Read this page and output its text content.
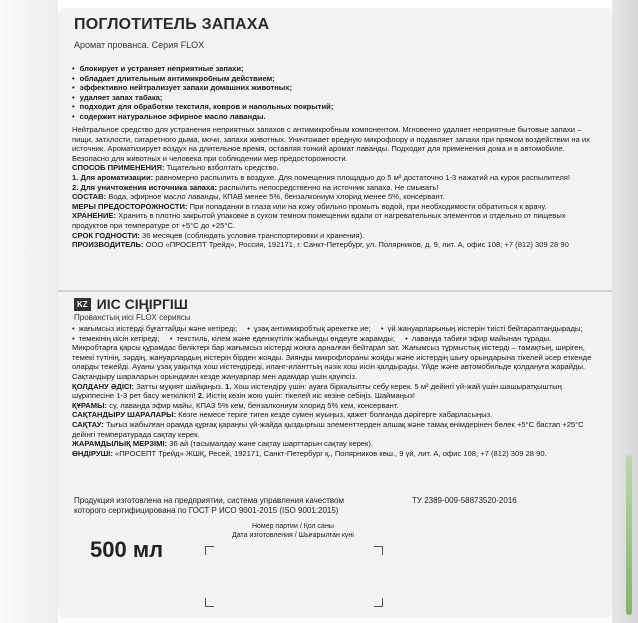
ПОГЛОТИТЕЛЬ ЗАПАХА
Аромат прованса. Серия FLOX
• блокирует и устраняет неприятные запахи;
• обладает длительным антимикробным действием;
• эффективно нейтрализует запахи домашних животных;
• удаляет запах табака;
• подходит для обработки текстиля, ковров и напольных покрытий;
• содержит натуральное эфирное масло лаванды.
Нейтральное средство для устранения неприятных запахов с антимикробным компонентом. Мгновенно удаляет неприятные бытовые запахи – пищи, затхлости, сигаретного дыма, мочи, запахи животных. Уничтожает вредную микрофлору и подавляет запахи при прямом воздействии на их источник. Ароматизирует воздух на длительное время, оставляя тонкий аромат лаванды. Подходит для применения дома и в автомобиле. Безопасно для животных и человека при соблюдении мер предосторожности.
СПОСОБ ПРИМЕНЕНИЯ: Тщательно взболтать средство.
1. Для ароматизации: равномерно распылить в воздухе. Для помещения площадью до 5 м² достаточно 1-3 нажатий на курок распылителя!
2. Для уничтожения источника запаха: распылить непосредственно на источник запаха. Не смывать!
СОСТАВ: Вода, эфирное масло лаванды, КПАВ менее 5%, бензалкониум хлорид менее 5%, консервант.
МЕРЫ ПРЕДОСТОРОЖНОСТИ: При попадании в глаза или на кожу обильно промыть водой, при необходимости обратиться к врачу.
ХРАНЕНИЕ: Хранить в плотно закрытой упаковке в сухом темном помещении вдали от нагревательных элементов и отдельно от пищевых продуктов при температуре от +5°С до +25°С.
СРОК ГОДНОСТИ: 36 месяцев (соблюдать условия транспортировки и хранения).
ПРОИЗВОДИТЕЛЬ: ООО «ПРОСЕПТ Трейд», Россия, 192171, г. Санкт-Петербург, ул. Полярников, д. 9, лит. А, офис 108; +7 (812) 309 28 90
KZ ИІС СІҢІРГІШ
Прованстың иісі FLOX сериясы
• жағымсыз иістерді бұғаттайды және кетіреді; • ұзақ антимикробтық әрекетке ие; • үй жануарларының иістерін тиісті бейтараптандырады; • темекінің иісін кетіреді; • текстиль, кілем және еденжүтілік жабынды өңдеуге жарамды; • лаванда табиғи эфир майынан тұрады.
Микробтарға қарсы құрамдас бөліктері бар жағымсыз иістерді жоюға арналған бейтарап зат. Жағымсыз тұрмыстық иістерді – тамақтың, ширіген, темекі түтінің, зәрдің, жануарлардың иістерін бірден жояды. Зиянды микрофлораны жояды және иістердің шығу орындарына тікелей әсер еткенде оларды тежейді. Ауаны ұзақ уақытқа хош иістендіреді, иланг-иланттың нәзік хош иісін қалдырады. Үйде және автомобильде қолдануға жарайды. Сақтандыру шараларын орындаған кезде жануарлар мен адамдар үшін қауіпсіз.
ҚОЛДАНУ ӘДІСІ: Затты мұқият шайқаңыз. 1. Хош иістендіру үшін: ауаға біркалыпты себу керек. 5 м² дейінгі үй-жай үшін шашыратқыштың шүріппесіне 1-3 рет басу жеткілікті! 2. Иістің көзін жою үшін: тікелей иіс көзіне себіңіз. Шаймаңыз!
ҚҰРАМЫ: су, лаванда эфир майы, КПАЗ 5% кем, бензалкониум хлорид 5% кем, консервант.
САҚТАНДЫРУ ШАРАЛАРЫ: Көзге немесе теріге тиген кезде сумен жуыңыз, қажет болғанда дәрігерге хабарласыңыз.
САҚТАУ: Тығыз жабылған орамда құрғақ қараңғы үй-жайда қыздырғыш элементтерден алшақ және тамақ өнімдерінен бөлек +5°С бастап +25°С дейінгі температурада сақтау керек.
ЖАРАМДЫЛЫҚ МЕРЗІМІ: 36 ай (тасымалдау және сақтау шарттарын сақтау керек).
ӨНДІРУШІ: «ПРОСЕПТ Трейд» ЖШҚ, Ресей, 192171, Санкт-Петербург қ., Полярников көш., 9 үй, лит. А, офис 108; +7 (812) 309 28 90.
Продукция изготовлена на предприятии, система управления качеством которого сертифицирована по ГОСТ Р ИСО 9001-2015 (ISO 9001:2015)
ТУ 2389-009-58873520-2016
Номер партии / Қол саны
Дата изготовления / Шығарылған күні
500 мл
